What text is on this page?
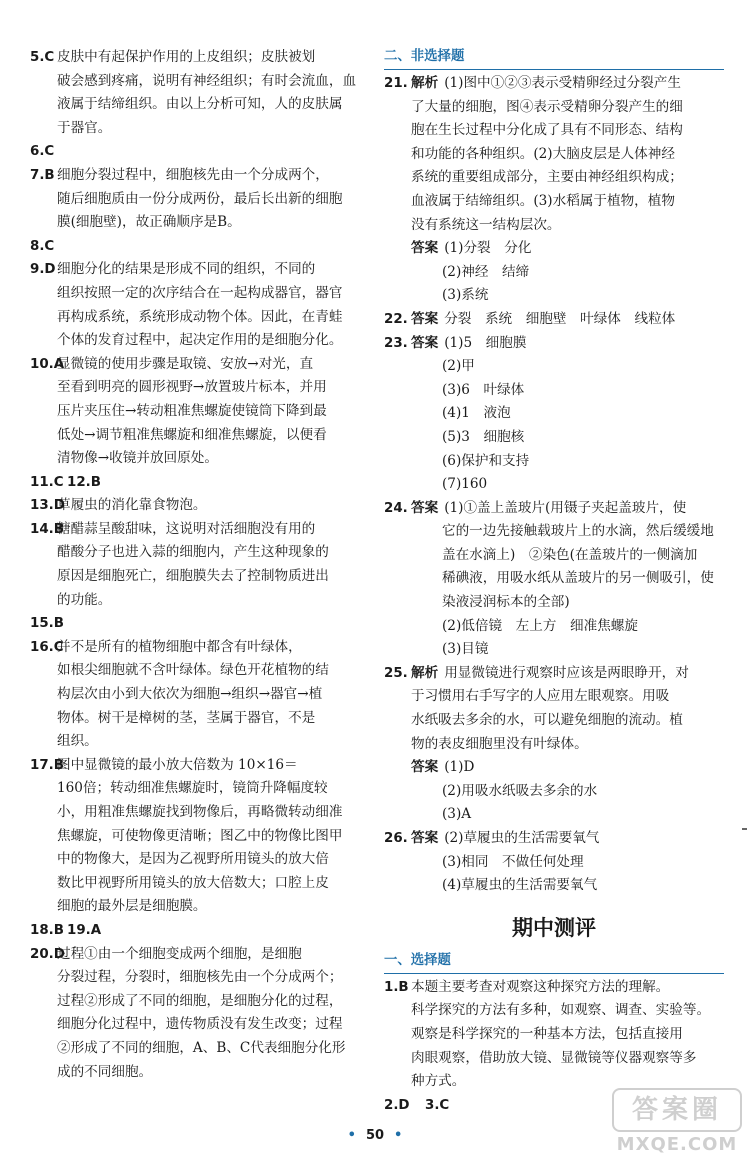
5.C 皮肤中有起保护作用的上皮组织；皮肤被划
破会感到疼痛，说明有神经组织；有时会流血，血
液属于结缔组织。由以上分析可知，人的皮肤属
于器官。
6.C

7.B 细胞分裂过程中，细胞核先由一个分成两个，
随后细胞质由一份分成两份，最后长出新的细胞
膜(细胞壁)，故正确顺序是B。
8.C

9.D 细胞分化的结果是形成不同的组织，不同的
组织按照一定的次序结合在一起构成器官，器官
再构成系统，系统形成动物个体。因此，在青蛙
个体的发育过程中，起决定作用的是细胞分化。
10.A
显微镜的使用步骤是取镜、安放→对光，直
至看到明亮的圆形视野→放置玻片标本，并用
压片夹压住→转动粗准焦螺旋使镜筒下降到最
低处→调节粗准焦螺旋和细准焦螺旋，以便看
清物像→收镜并放回原处。
11.C 12.B
13.D
草履虫的消化靠食物泡。
14.B
糖醋蒜呈酸甜味，这说明对活细胞没有用的
醋酸分子也进入蒜的细胞内，产生这种现象的
原因是细胞死亡，细胞膜失去了控制物质进出
的功能。
15.B

16.C
并不是所有的植物细胞中都含有叶绿体，
如根尖细胞就不含叶绿体。绿色开花植物的结
构层次由小到大依次为细胞→组织→器官→植
物体。树干是樟树的茎，茎属于器官，不是
组织。
17.B
图中显微镜的最小放大倍数为 10×16＝
160倍；转动细准焦螺旋时，镜筒升降幅度较
小，用粗准焦螺旋找到物像后，再略微转动细准
焦螺旋，可使物像更清晰；图乙中的物像比图甲
中的物像大，是因为乙视野所用镜头的放大倍
数比甲视野所用镜头的放大倍数大；口腔上皮
细胞的最外层是细胞膜。
18.B 19.A
20.D
过程①由一个细胞变成两个细胞，是细胞
分裂过程，分裂时，细胞核先由一个分成两个；
过程②形成了不同的细胞，是细胞分化的过程，
细胞分化过程中，遗传物质没有发生改变；过程
②形成了不同的细胞，A、B、C代表细胞分化形
成的不同细胞。
二、非选择题
21. 解析 (1)图中①②③表示受精卵经过分裂产生
了大量的细胞，图④表示受精卵分裂产生的细
胞在生长过程中分化成了具有不同形态、结构
和功能的各种组织。(2)大脑皮层是人体神经
系统的重要组成部分，主要由神经组织构成；
血液属于结缔组织。(3)水稻属于植物，植物
没有系统这一结构层次。
答案 (1)分裂　分化
(2)神经　结缔
(3)系统
22. 答案 分裂　系统　细胞壁　叶绿体　线粒体
23. 答案 (1)5　细胞膜
(2)甲
(3)6　叶绿体
(4)1　液泡
(5)3　细胞核
(6)保护和支持
(7)160
24. 答案 (1)①盖上盖玻片(用镊子夹起盖玻片，使
它的一边先接触载玻片上的水滴，然后缓缓地
盖在水滴上)　②染色(在盖玻片的一侧滴加
稀碘液，用吸水纸从盖玻片的另一侧吸引，使
染液浸润标本的全部)
(2)低倍镜　左上方　细准焦螺旋
(3)目镜
25. 解析 用显微镜进行观察时应该是两眼睁开，对
于习惯用右手写字的人应用左眼观察。用吸
水纸吸去多余的水，可以避免细胞的流动。植
物的表皮细胞里没有叶绿体。
答案 (1)D
(2)用吸水纸吸去多余的水
(3)A
26. 答案 (2)草履虫的生活需要氧气
(3)相同　不做任何处理
(4)草履虫的生活需要氧气
期中测评
一、选择题
1.B 本题主要考查对观察这种探究方法的理解。
科学探究的方法有多种，如观察、调查、实验等。
观察是科学探究的一种基本方法，包括直接用
肉眼观察，借助放大镜、显微镜等仪器观察等多
种方式。
2.D 3.C
• 50 •
答案圈
MXQE.COM
